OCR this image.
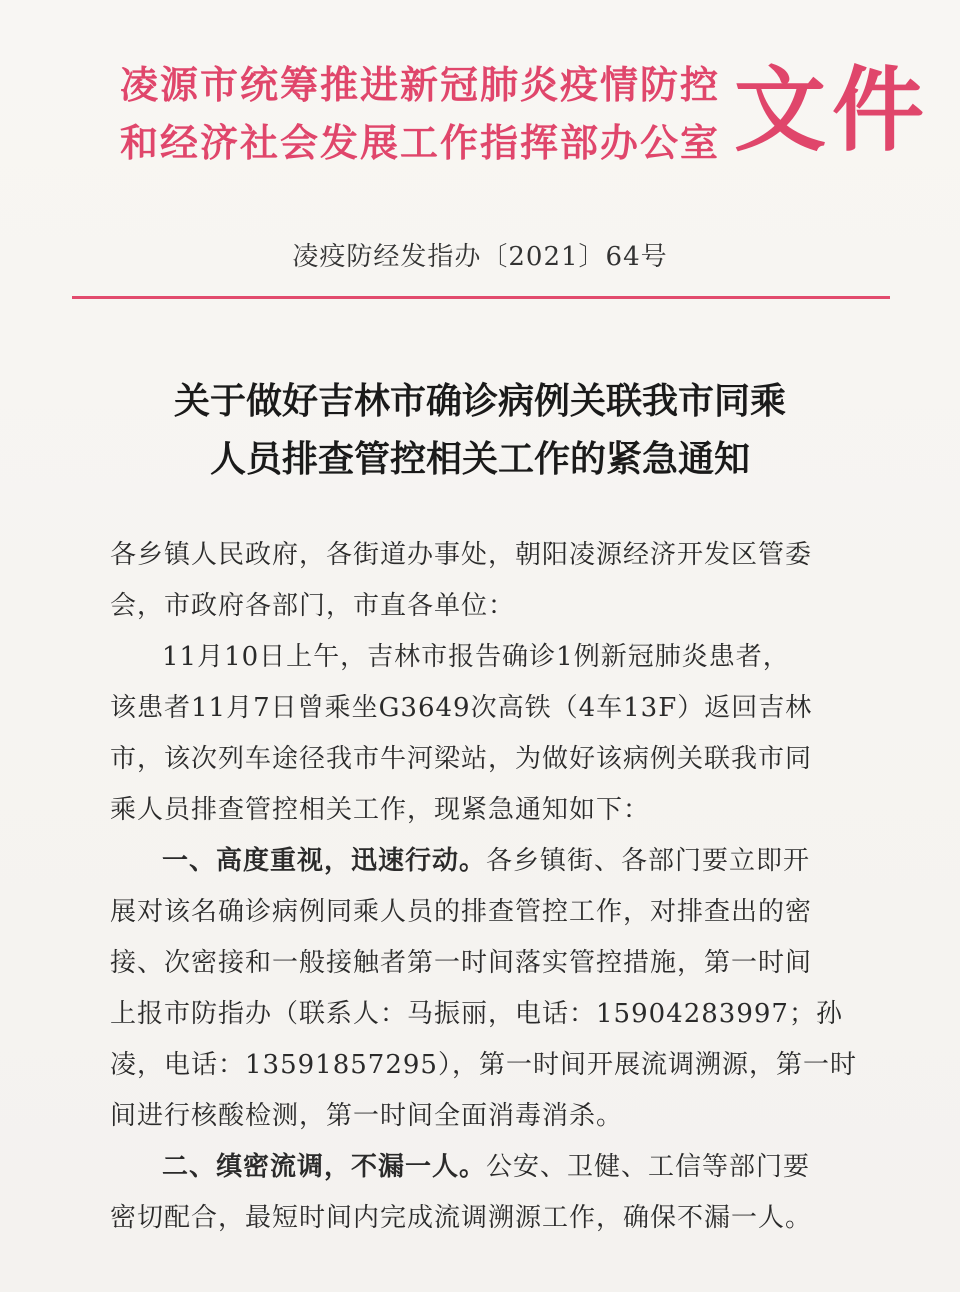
凌源市统筹推进新冠肺炎疫情防控
和经济社会发展工作指挥部办公室 文件
凌疫防经发指办〔2021〕64号
关于做好吉林市确诊病例关联我市同乘
人员排查管控相关工作的紧急通知
各乡镇人民政府，各街道办事处，朝阳凌源经济开发区管委
会，市政府各部门，市直各单位：
11月10日上午，吉林市报告确诊1例新冠肺炎患者，
该患者11月7日曾乘坐G3649次高铁（4车13F）返回吉林
市，该次列车途径我市牛河梁站，为做好该病例关联我市同
乘人员排查管控相关工作，现紧急通知如下：
一、高度重视，迅速行动。各乡镇街、各部门要立即开
展对该名确诊病例同乘人员的排查管控工作，对排查出的密
接、次密接和一般接触者第一时间落实管控措施，第一时间
上报市防指办（联系人：马振丽，电话：15904283997；孙
凌，电话：13591857295），第一时间开展流调溯源，第一时
间进行核酸检测，第一时间全面消毒消杀。
二、缜密流调，不漏一人。公安、卫健、工信等部门要
密切配合，最短时间内完成流调溯源工作，确保不漏一人。
